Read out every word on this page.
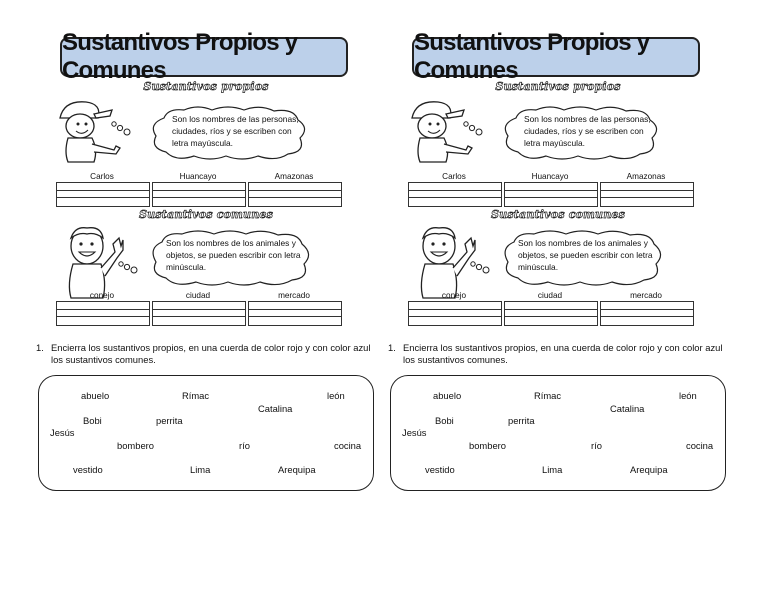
Sustantivos Propios y Comunes
Sustantivos propios
Son los nombres de las personas, ciudades, ríos y se escriben con letra mayúscula.
Carlos	Huancayo	Amazonas
Sustantivos comunes
Son los nombres de los animales y objetos, se pueden escribir con letra minúscula.
conejo	ciudad	mercado
1. Encierra los sustantivos propios, en una cuerda de color rojo y con color azul los sustantivos comunes.
abuelo	Rímac	león
Catalina
Bobi	perrita
Jesús
bombero	río	cocina
vestido	Lima	Arequipa
Sustantivos Propios y Comunes
Sustantivos propios
Son los nombres de las personas, ciudades, ríos y se escriben con letra mayúscula.
Carlos	Huancayo	Amazonas
Sustantivos comunes
Son los nombres de los animales y objetos, se pueden escribir con letra minúscula.
conejo	ciudad	mercado
1. Encierra los sustantivos propios, en una cuerda de color rojo y con color azul los sustantivos comunes.
abuelo	Rímac	león
Catalina
Bobi	perrita
Jesús
bombero	río	cocina
vestido	Lima	Arequipa
